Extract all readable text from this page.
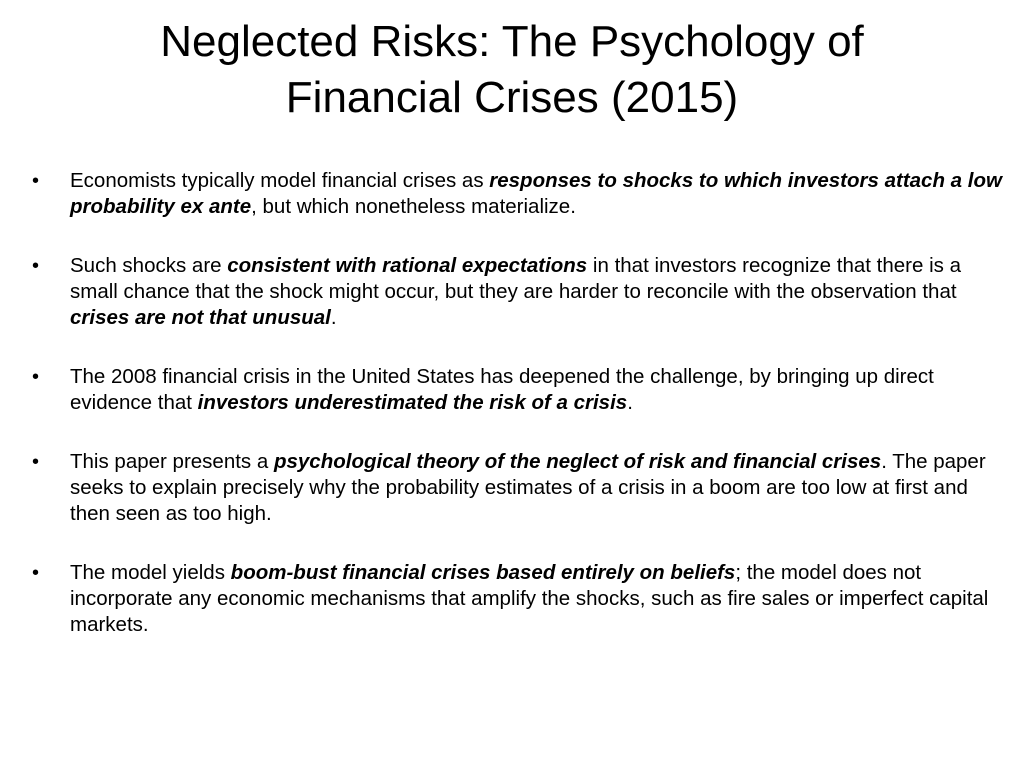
Neglected Risks: The Psychology of
Financial Crises (2015)
• Economists typically model financial crises as responses to shocks to which investors attach a low probability ex ante, but which nonetheless materialize.
• Such shocks are consistent with rational expectations in that investors recognize that there is a small chance that the shock might occur, but they are harder to reconcile with the observation that crises are not that unusual.
• The 2008 financial crisis in the United States has deepened the challenge, by bringing up direct evidence that investors underestimated the risk of a crisis.
• This paper presents a psychological theory of the neglect of risk and financial crises. The paper seeks to explain precisely why the probability estimates of a crisis in a boom are too low at first and then seen as too high.
• The model yields boom-bust financial crises based entirely on beliefs; the model does not incorporate any economic mechanisms that amplify the shocks, such as fire sales or imperfect capital markets.
